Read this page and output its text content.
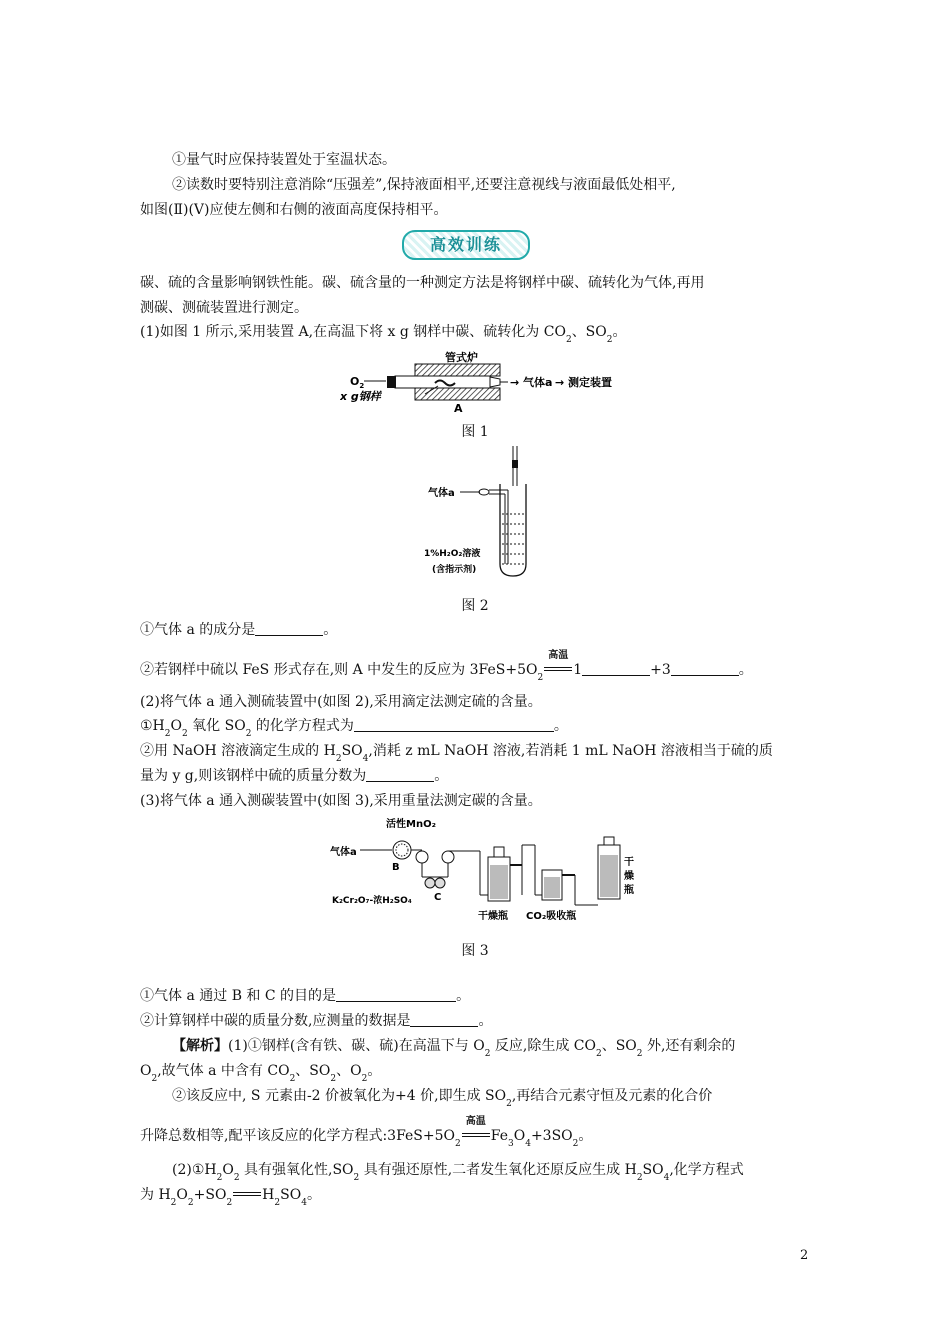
①量气时应保持装置处于室温状态。
②读数时要特别注意消除“压强差”,保持液面相平,还要注意视线与液面最低处相平,
如图(Ⅱ)(Ⅴ)应使左侧和右侧的液面高度保持相平。
高效训练
碳、硫的含量影响钢铁性能。碳、硫含量的一种测定方法是将钢样中碳、硫转化为气体,再用
测碳、测硫装置进行测定。
(1)如图 1 所示,采用装置 A,在高温下将 x g 钢样中碳、硫转化为 $CO_2$、$SO_2$。
管式炉
$O_2$
x g钢样
A
→ 气体a → 测定装置
图 1
气体a
1%H₂O₂溶液
(含指示剂)
图 2
①气体 a 的成分是	。
②若钢样中硫以 FeS 形式存在,则 A 中发生的反应为 $3FeS+5O_2$
高温
1	+3	。
(2)将气体 a 通入测硫装置中(如图 2),采用滴定法测定硫的含量。
$①H_2O_2$ 氧化 $SO_2$ 的化学方程式为	。
②用 NaOH 溶液滴定生成的 $H_2SO_4$,消耗 z mL NaOH 溶液,若消耗 1 mL NaOH 溶液相当于硫的质
量为 y g,则该钢样中硫的质量分数为	。
(3)将气体 a 通入测碳装置中(如图 3),采用重量法测定碳的含量。
活性MnO₂
气体a
B
K₂Cr₂O₇-浓H₂SO₄ C
干
燥
瓶
干燥瓶 CO₂吸收瓶
图 3
①气体 a 通过 B 和 C 的目的是	。
②计算钢样中碳的质量分数,应测量的数据是	。
【解析】(1)①钢样(含有铁、碳、硫)在高温下与 $O_2$ 反应,除生成 $CO_2$、$SO_2$ 外,还有剩余的
$O_2$,故气体 a 中含有 $CO_2$、$SO_2$、$O_2$。
②该反应中, S 元素由-2 价被氧化为+4 价,即生成 $SO_2$,再结合元素守恒及元素的化合价
升降总数相等,配平该反应的化学方程式$:3FeS+5O_2$
高温
$Fe_3O_4+3SO_2$。
$(2)①H_2O_2$ 具有强氧化性$,SO_2$ 具有强还原性,二者发生氧化还原反应生成 $H_2SO_4$,化学方程式
为 $H_2O_2+SO_2$ $H_2SO_4$。
2
